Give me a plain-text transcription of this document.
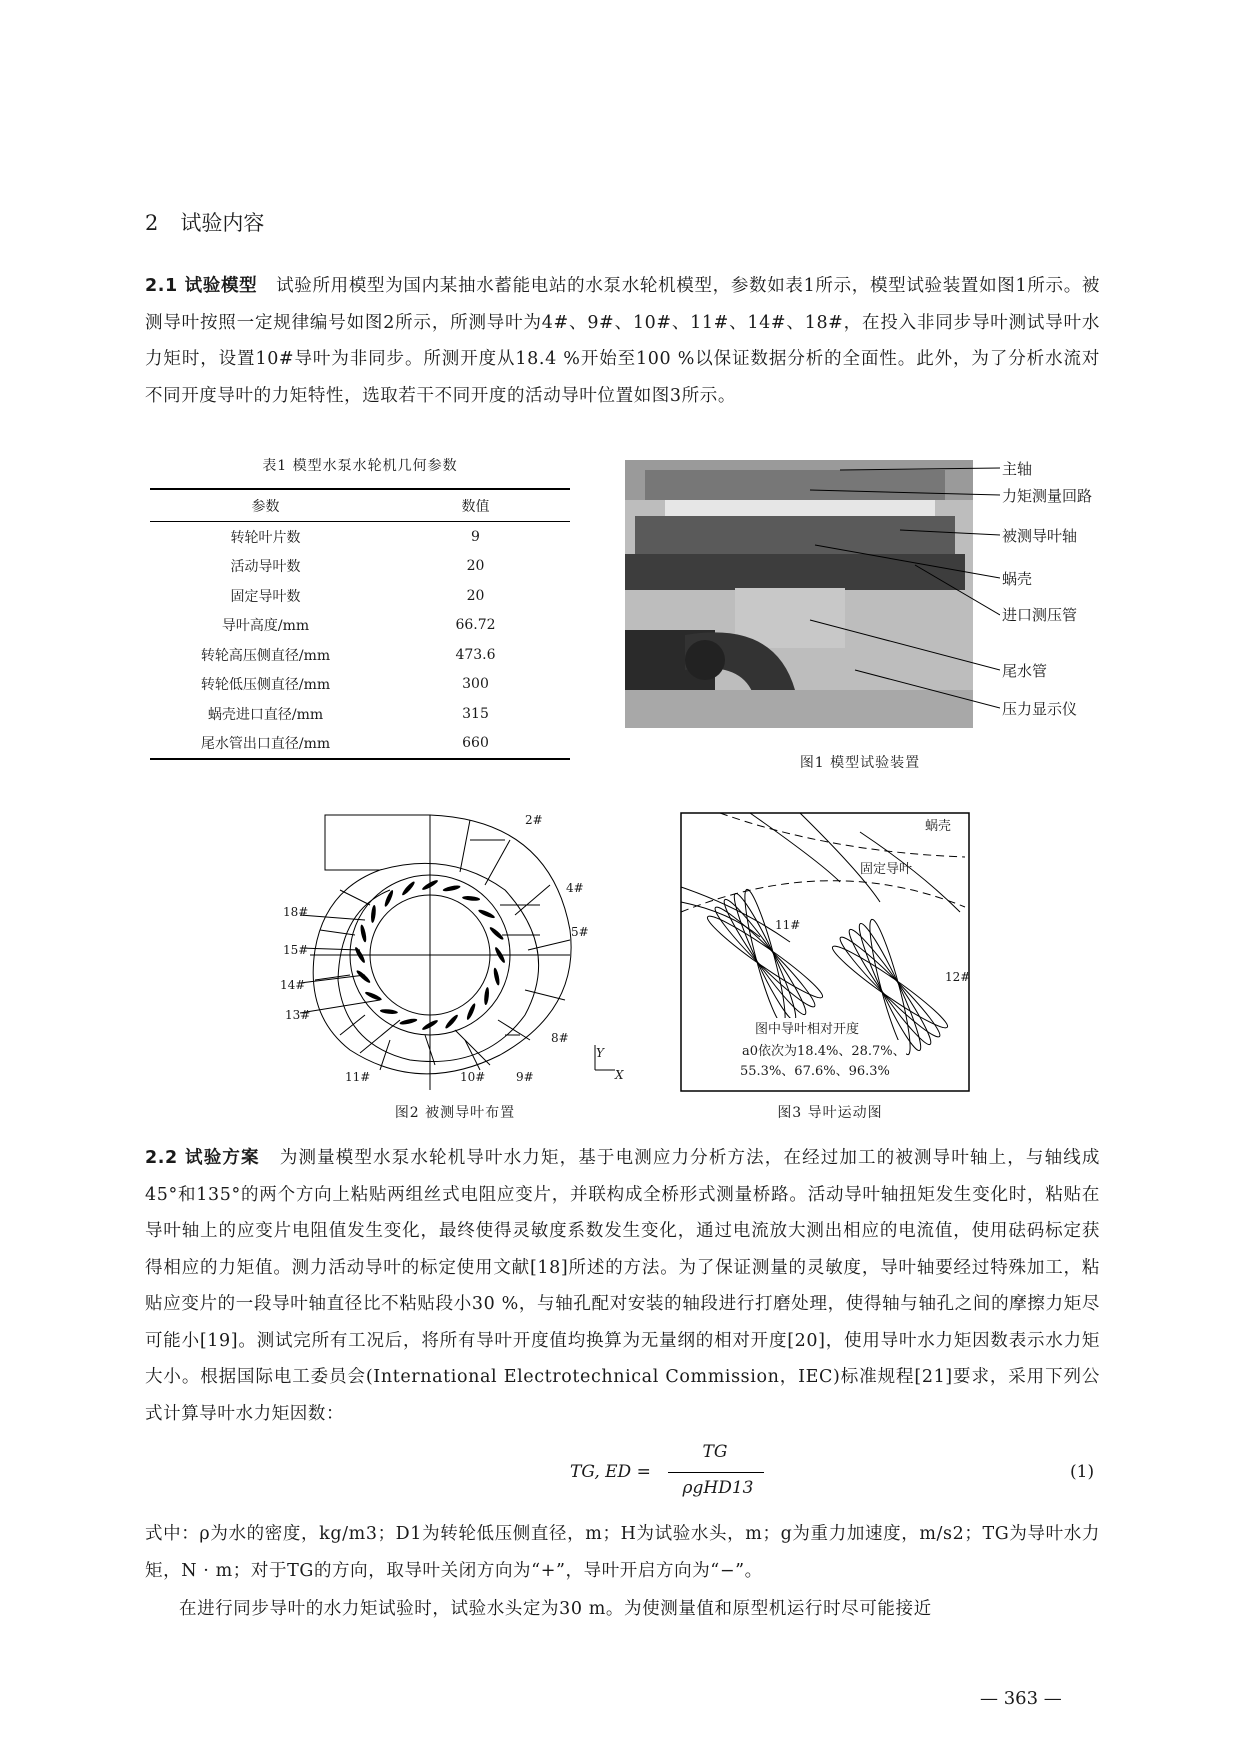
2 试验内容
2.1 试验模型 试验所用模型为国内某抽水蓄能电站的水泵水轮机模型，参数如表1所示，模型试验装置如图1所示。被测导叶按照一定规律编号如图2所示，所测导叶为4#、9#、10#、11#、14#、18#，在投入非同步导叶测试导叶水力矩时，设置10#导叶为非同步。所测开度从18.4 %开始至100 %以保证数据分析的全面性。此外，为了分析水流对不同开度导叶的力矩特性，选取若干不同开度的活动导叶位置如图3所示。
表1 模型水泵水轮机几何参数
参数	数值
转轮叶片数	9
活动导叶数	20
固定导叶数	20
导叶高度/mm	66.72
转轮高压侧直径/mm	473.6
转轮低压侧直径/mm	300
蜗壳进口直径/mm	315
尾水管出口直径/mm	660
主轴
力矩测量回路
被测导叶轴
蜗壳
进口测压管
尾水管
压力显示仪
图1 模型试验装置
2#
4#
5#
8#
9#
10#
11#
13#
14#
15#
18#
Y
X
图2 被测导叶布置
蜗壳
固定导叶
11#
12#
图中导叶相对开度
a0依次为18.4%、28.7%、
55.3%、67.6%、96.3%
图3 导叶运动图
2.2 试验方案 为测量模型水泵水轮机导叶水力矩，基于电测应力分析方法，在经过加工的被测导叶轴上，与轴线成45°和135°的两个方向上粘贴两组丝式电阻应变片，并联构成全桥形式测量桥路。活动导叶轴扭矩发生变化时，粘贴在导叶轴上的应变片电阻值发生变化，最终使得灵敏度系数发生变化，通过电流放大测出相应的电流值，使用砝码标定获得相应的力矩值。测力活动导叶的标定使用文献[18]所述的方法。为了保证测量的灵敏度，导叶轴要经过特殊加工，粘贴应变片的一段导叶轴直径比不粘贴段小30 %，与轴孔配对安装的轴段进行打磨处理，使得轴与轴孔之间的摩擦力矩尽可能小[19]。测试完所有工况后，将所有导叶开度值均换算为无量纲的相对开度[20]，使用导叶水力矩因数表示水力矩大小。根据国际电工委员会(International Electrotechnical Commission，IEC)标准规程[21]要求，采用下列公式计算导叶水力矩因数：
TG, ED =
TG
ρgHD13
(1)
式中：ρ为水的密度，kg/m3；D1为转轮低压侧直径，m；H为试验水头，m；g为重力加速度，m/s2；TG为导叶水力矩，N · m；对于TG的方向，取导叶关闭方向为“+”，导叶开启方向为“−”。
在进行同步导叶的水力矩试验时，试验水头定为30 m。为使测量值和原型机运行时尽可能接近
— 363 —
